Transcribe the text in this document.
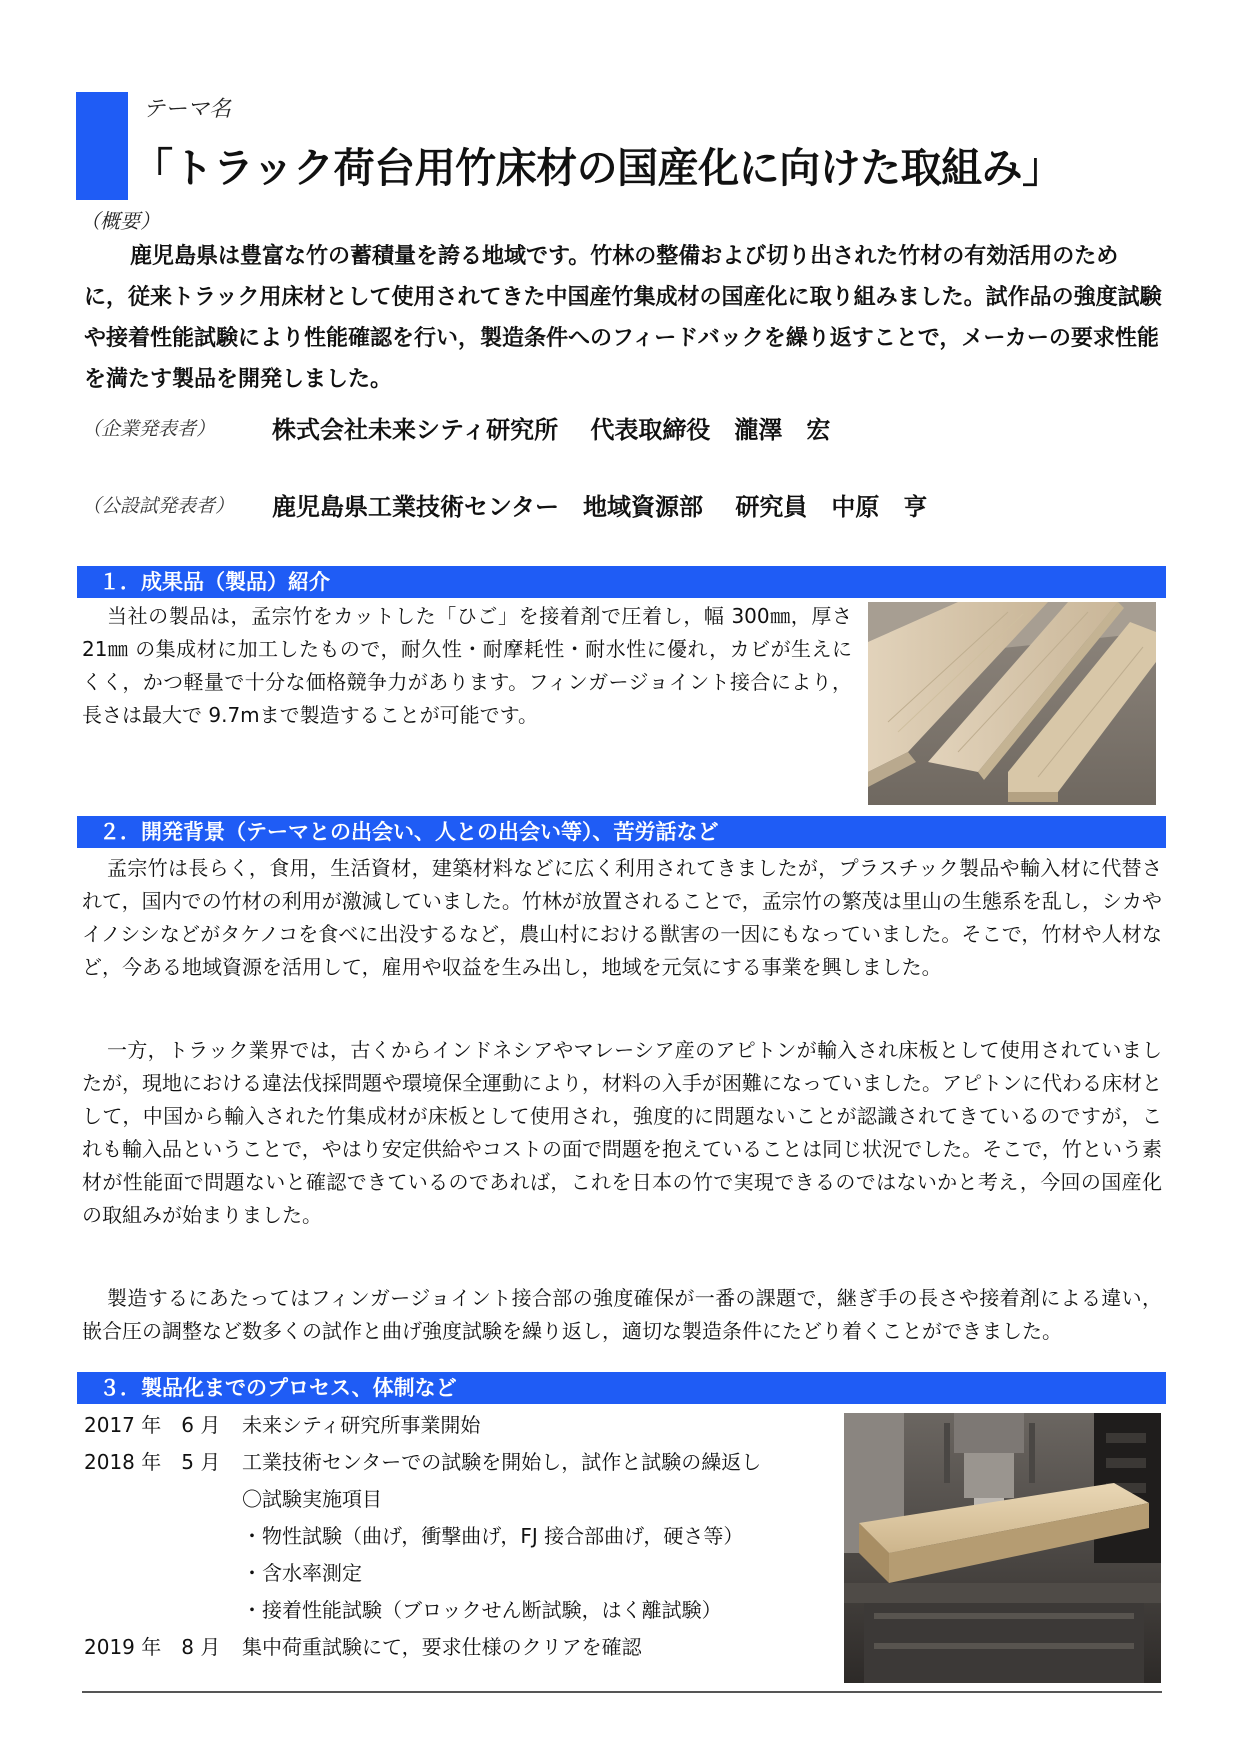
テーマ名
「トラック荷台用竹床材の国産化に向けた取組み」
（概要）
鹿児島県は豊富な竹の蓄積量を誇る地域です。竹林の整備および切り出された竹材の有効活用のために，従来トラック用床材として使用されてきた中国産竹集成材の国産化に取り組みました。試作品の強度試験や接着性能試験により性能確認を行い，製造条件へのフィードバックを繰り返すことで，メーカーの要求性能を満たす製品を開発しました。
（企業発表者） 株式会社未来シティ研究所　 代表取締役　瀧澤　宏
（公設試発表者） 鹿児島県工業技術センター　地域資源部　 研究員　中原　亨
１．成果品（製品）紹介
当社の製品は，孟宗竹をカットした「ひご」を接着剤で圧着し，幅 300㎜，厚さ 21㎜ の集成材に加工したもので，耐久性・耐摩耗性・耐水性に優れ，カビが生えにくく，かつ軽量で十分な価格競争力があります。フィンガージョイント接合により，長さは最大で 9.7mまで製造することが可能です。
２．開発背景（テーマとの出会い、人との出会い等）、苦労話など
孟宗竹は長らく，食用，生活資材，建築材料などに広く利用されてきましたが，プラスチック製品や輸入材に代替されて，国内での竹材の利用が激減していました。竹林が放置されることで，孟宗竹の繁茂は里山の生態系を乱し，シカやイノシシなどがタケノコを食べに出没するなど，農山村における獣害の一因にもなっていました。そこで，竹材や人材など，今ある地域資源を活用して，雇用や収益を生み出し，地域を元気にする事業を興しました。
一方，トラック業界では，古くからインドネシアやマレーシア産のアピトンが輸入され床板として使用されていましたが，現地における違法伐採問題や環境保全運動により，材料の入手が困難になっていました。アピトンに代わる床材として，中国から輸入された竹集成材が床板として使用され，強度的に問題ないことが認識されてきているのですが，これも輸入品ということで，やはり安定供給やコストの面で問題を抱えていることは同じ状況でした。そこで，竹という素材が性能面で問題ないと確認できているのであれば，これを日本の竹で実現できるのではないかと考え，今回の国産化の取組みが始まりました。
製造するにあたってはフィンガージョイント接合部の強度確保が一番の課題で，継ぎ手の長さや接着剤による違い，嵌合圧の調整など数多くの試作と曲げ強度試験を繰り返し，適切な製造条件にたどり着くことができました。
３．製品化までのプロセス、体制など
2017 年　6 月 未来シティ研究所事業開始
2018 年　5 月 工業技術センターでの試験を開始し，試作と試験の繰返し
〇試験実施項目
・物性試験（曲げ，衝撃曲げ，FJ 接合部曲げ，硬さ等）
・含水率測定
・接着性能試験（ブロックせん断試験，はく離試験）
2019 年　8 月 集中荷重試験にて，要求仕様のクリアを確認
